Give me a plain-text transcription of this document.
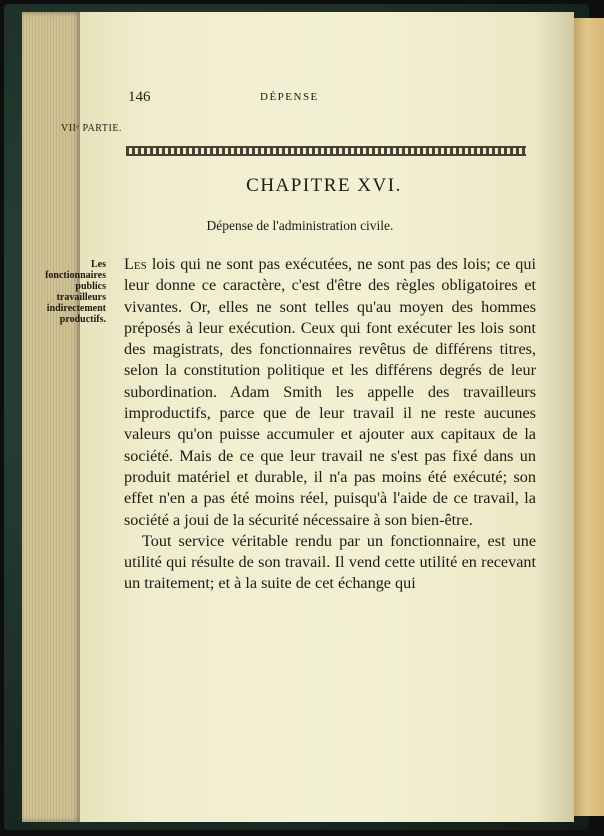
146	DÉPENSE
VIIᵉ PARTIE.
CHAPITRE XVI.
Dépense de l'administration civile.
Les fonctionnaires publics travailleurs indirectement productifs.

Les lois qui ne sont pas exécutées, ne sont pas des lois; ce qui leur donne ce caractère, c'est d'être des règles obligatoires et vivantes. Or, elles ne sont telles qu'au moyen des hommes préposés à leur exécution. Ceux qui font exécuter les lois sont des magistrats, des fonctionnaires revêtus de différens titres, selon la constitution politique et les différens degrés de leur subordination. Adam Smith les appelle des travailleurs improductifs, parce que de leur travail il ne reste aucunes valeurs qu'on puisse accumuler et ajouter aux capitaux de la société. Mais de ce que leur travail ne s'est pas fixé dans un produit matériel et durable, il n'a pas moins été exécuté; son effet n'en a pas été moins réel, puisqu'à l'aide de ce travail, la société a joui de la sécurité nécessaire à son bien-être.

Tout service véritable rendu par un fonctionnaire, est une utilité qui résulte de son travail. Il vend cette utilité en recevant un traitement; et à la suite de cet échange qui
